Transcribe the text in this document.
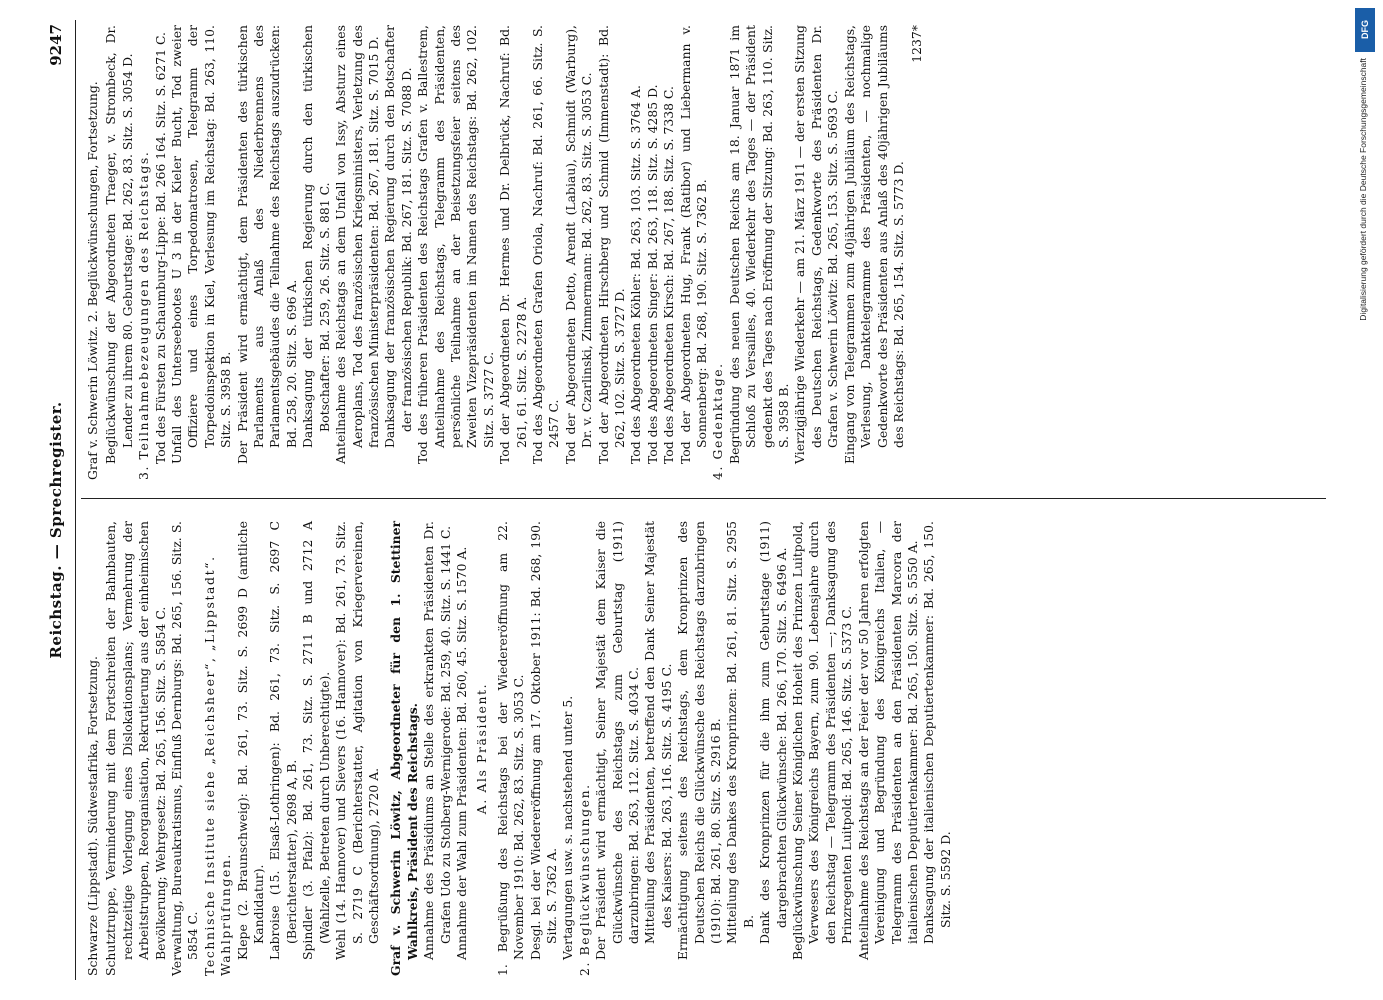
Reichstag. — Sprechregister.
9247

Schwarze (Lippstadt). Südwestafrika, Fortsetzung. Schutztruppe, Verminderung mit dem Fortschreiten der Bahnbauten, rechtzeitige Vorlegung eines Dislokationsplans; Vermehrung der Arbeitstruppen, Reorganisation, Rekrutierung aus der einheimischen Bevölkerung; Wehrgesetz: Bd. 265, 156. Sitz. S. 5854 C. Verwaltung, Bureaukratismus, Einfluß Dernburgs: Bd. 265, 156. Sitz. S. 5854 C. Technische Institute siehe „Reichsheer“, „Lippstadt“. Wahlprüfungen. Klepe (2. Braunschweig): Bd. 261, 73. Sitz. S. 2699 D (amtliche Kandidatur). Labroise (15. Elsaß-Lothringen): Bd. 261, 73. Sitz. S. 2697 C (Berichterstatter), 2698 A, B. Spindler (3. Pfalz): Bd. 261, 73. Sitz. S. 2711 B und 2712 A (Wahlzelle, Betreten durch Unberechtigte). Wehl (14. Hannover) und Sievers (16. Hannover): Bd. 261, 73. Sitz. S. 2719 C (Berichterstatter, Agitation von Kriegervereinen, Geschäftsordnung), 2720 A. Graf v. Schwerin Löwitz, Abgeordneter für den 1. Stettiner Wahlkreis, Präsident des Reichstags. Annahme des Präsidiums an Stelle des erkrankten Präsidenten Dr. Grafen Udo zu Stolberg-Wernigerode: Bd. 259, 40. Sitz. S. 1441 C. Annahme der Wahl zum Präsidenten: Bd. 260, 45. Sitz. S. 1570 A. A. Als Präsident. 1. Begrüßung des Reichstags bei der Wiedereröffnung am 22. November 1910: Bd. 262, 83. Sitz. S. 3053 C. Desgl. bei der Wiedereröffnung am 17. Oktober 1911: Bd. 268, 190. Sitz. S. 7362 A. Vertagungen usw. s. nachstehend unter 5. 2. Beglückwünschungen. Der Präsident wird ermächtigt, Seiner Majestät dem Kaiser die Glückwünsche des Reichstags zum Geburtstag (1911) darzubringen: Bd. 263, 112. Sitz. S. 4034 C. Mitteilung des Präsidenten, betreffend den Dank Seiner Majestät des Kaisers: Bd. 263, 116. Sitz. S. 4195 C. Ermächtigung seitens des Reichstags, dem Kronprinzen des Deutschen Reichs die Glückwünsche des Reichstags darzubringen (1910): Bd. 261, 80. Sitz. S. 2916 B. Mitteilung des Dankes des Kronprinzen: Bd. 261, 81. Sitz. S. 2955 B. Dank des Kronprinzen für die ihm zum Geburtstage (1911) dargebrachten Glückwünsche: Bd. 266, 170. Sitz. S. 6496 A. Beglückwünschung Seiner Königlichen Hoheit des Prinzen Luitpold, Verwesers des Königreichs Bayern, zum 90. Lebensjahre durch den Reichstag — Telegramm des Präsidenten —; Danksagung des Prinzregenten Luitpold: Bd. 265, 146. Sitz. S. 5373 C. Anteilnahme des Reichstags an der Feier der vor 50 Jahren erfolgten Vereinigung und Begründung des Königreichs Italien, — Telegramm des Präsidenten an den Präsidenten Marcora der italienischen Deputiertenkammer: Bd. 265, 150. Sitz. S. 5550 A. Danksagung der italienischen Deputiertenkammer: Bd. 265, 150. Sitz. S. 5592 D.

Graf v. Schwerin Löwitz. 2. Beglückwünschungen, Fortsetzung. Beglückwünschung der Abgeordneten Traeger, v. Strombeck, Dr. Lender zu ihrem 80. Geburtstage: Bd. 262, 83. Sitz. S. 3054 D. 3. Teilnahmebezeugungen des Reichstags. Tod des Fürsten zu Schaumburg-Lippe: Bd. 266 164. Sitz. S. 6271 C. Unfall des Unterseebootes U 3 in der Kieler Bucht, Tod zweier Offiziere und eines Torpedomatrosen, Telegramm der Torpedoinspektion in Kiel, Verlesung im Reichstag: Bd. 263, 110. Sitz. S. 3958 B. Der Präsident wird ermächtigt, dem Präsidenten des türkischen Parlaments aus Anlaß des Niederbrennens des Parlamentsgebäudes die Teilnahme des Reichstags auszudrücken: Bd. 258, 20. Sitz. S. 696 A. Danksagung der türkischen Regierung durch den türkischen Botschafter: Bd. 259, 26. Sitz. S. 881 C. Anteilnahme des Reichstags an dem Unfall von Issy, Absturz eines Aeroplans, Tod des französischen Kriegsministers, Verletzung des französischen Ministerpräsidenten: Bd. 267, 181. Sitz. S. 7015 D. Danksagung der französischen Regierung durch den Botschafter der französischen Republik: Bd. 267, 181. Sitz. S. 7088 D. Tod des früheren Präsidenten des Reichstags Grafen v. Ballestrem, Anteilnahme des Reichstags, Telegramm des Präsidenten, persönliche Teilnahme an der Beisetzungsfeier seitens des Zweiten Vizepräsidenten im Namen des Reichstags: Bd. 262, 102. Sitz. S. 3727 C. Tod der Abgeordneten Dr. Hermes und Dr. Delbrück, Nachruf: Bd. 261, 61. Sitz. S. 2278 A. Tod des Abgeordneten Grafen Oriola, Nachruf: Bd. 261, 66. Sitz. S. 2457 C. Tod der Abgeordneten Detto, Arendt (Labiau), Schmidt (Warburg), Dr. v. Czarlinski, Zimmermann: Bd. 262, 83. Sitz. S. 3053 C. Tod der Abgeordneten Hirschberg und Schmid (Immenstadt): Bd. 262, 102. Sitz. S. 3727 D. Tod des Abgeordneten Köhler: Bd. 263, 103. Sitz. S. 3764 A. Tod des Abgeordneten Singer: Bd. 263, 118. Sitz. S. 4285 D. Tod des Abgeordneten Kirsch: Bd. 267, 188. Sitz. S. 7338 C. Tod der Abgeordneten Hug, Frank (Ratibor) und Liebermann v. Sonnenberg: Bd. 268, 190. Sitz. S. 7362 B. 4. Gedenktage. Begründung des neuen Deutschen Reichs am 18. Januar 1871 im Schloß zu Versailles, 40. Wiederkehr des Tages — der Präsident gedenkt des Tages nach Eröffnung der Sitzung: Bd. 263, 110. Sitz. S. 3958 B. Vierzigjährige Wiederkehr — am 21. März 1911 — der ersten Sitzung des Deutschen Reichstags, Gedenkworte des Präsidenten Dr. Grafen v. Schwerin Löwitz: Bd. 265, 153. Sitz. S. 5693 C. Eingang von Telegrammen zum 40jährigen Jubiläum des Reichstags, Verlesung, Danktelegramme des Präsidenten, — nochmalige Gedenkworte des Präsidenten aus Anlaß des 40jährigen Jubiläums des Reichstags: Bd. 265, 154. Sitz. S. 5773 D.

1237*	DFG
Digitalisierung gefördert durch die Deutsche Forschungsgemeinschaft
